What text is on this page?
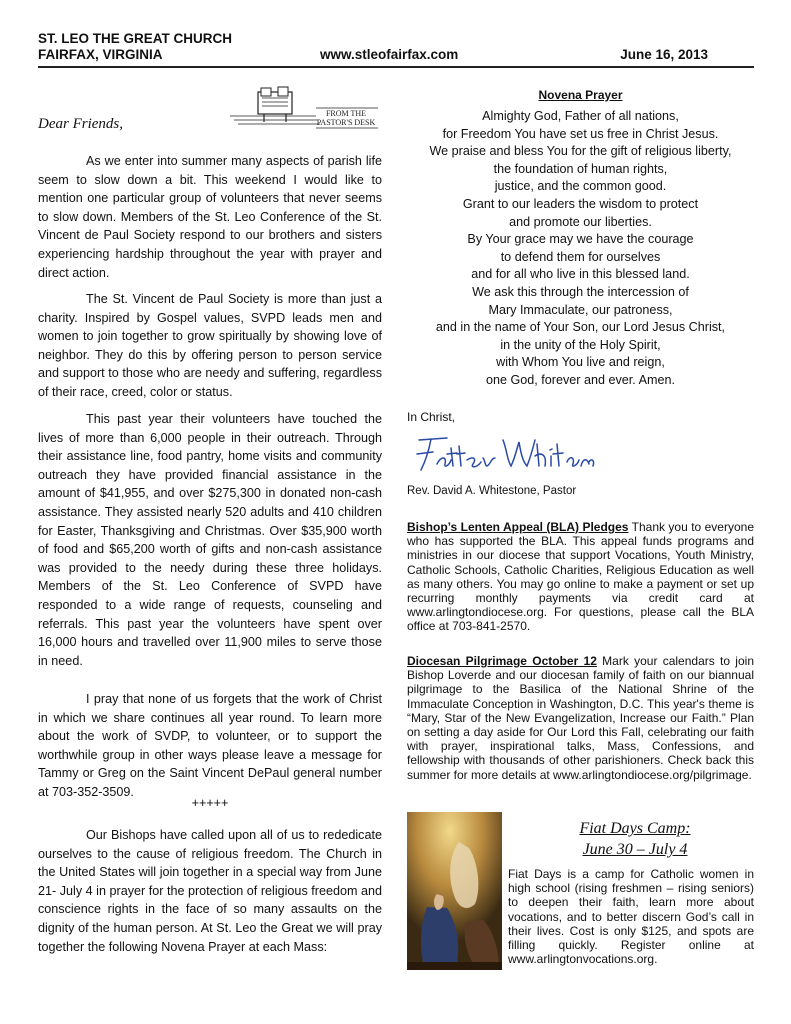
ST. LEO THE GREAT CHURCH
FAIRFAX, VIRGINIA	www.stleofairfax.com	June 16, 2013
Dear Friends,
FROM THE
PASTOR'S DESK
As we enter into summer many aspects of parish life seem to slow down a bit. This weekend I would like to mention one particular group of volunteers that never seems to slow down. Members of the St. Leo Conference of the St. Vincent de Paul Society respond to our brothers and sisters experiencing hardship throughout the year with prayer and direct action.
The St. Vincent de Paul Society is more than just a charity. Inspired by Gospel values, SVPD leads men and women to join together to grow spiritually by showing love of neighbor. They do this by offering person to person service and support to those who are needy and suffering, regardless of their race, creed, color or status.
This past year their volunteers have touched the lives of more than 6,000 people in their outreach. Through their assistance line, food pantry, home visits and community outreach they have provided financial assistance in the amount of $41,955, and over $275,300 in donated non-cash assistance. They assisted nearly 520 adults and 410 children for Easter, Thanksgiving and Christmas. Over $35,900 worth of food and $65,200 worth of gifts and non-cash assistance was provided to the needy during these three holidays. Members of the St. Leo Conference of SVPD have responded to a wide range of requests, counseling and referrals. This past year the volunteers have spent over 16,000 hours and travelled over 11,900 miles to serve those in need.
I pray that none of us forgets that the work of Christ in which we share continues all year round. To learn more about the work of SVDP, to volunteer, or to support the worthwhile group in other ways please leave a message for Tammy or Greg on the Saint Vincent DePaul general number at 703-352-3509.
+++++
Our Bishops have called upon all of us to rededicate ourselves to the cause of religious freedom. The Church in the United States will join together in a special way from June 21- July 4 in prayer for the protection of religious freedom and conscience rights in the face of so many assaults on the dignity of the human person. At St. Leo the Great we will pray together the following Novena Prayer at each Mass:
Novena Prayer
Almighty God, Father of all nations,
for Freedom You have set us free in Christ Jesus.
We praise and bless You for the gift of religious liberty,
the foundation of human rights,
justice, and the common good.
Grant to our leaders the wisdom to protect
and promote our liberties.
By Your grace may we have the courage
to defend them for ourselves
and for all who live in this blessed land.
We ask this through the intercession of
Mary Immaculate, our patroness,
and in the name of Your Son, our Lord Jesus Christ,
in the unity of the Holy Spirit,
with Whom You live and reign,
one God, forever and ever. Amen.
In Christ,
Rev. David A. Whitestone, Pastor
Bishop’s Lenten Appeal (BLA) Pledges Thank you to everyone who has supported the BLA. This appeal funds programs and ministries in our diocese that support Vocations, Youth Ministry, Catholic Schools, Catholic Charities, Religious Education as well as many others. You may go online to make a payment or set up recurring monthly payments via credit card at www.arlingtondiocese.org. For questions, please call the BLA office at 703-841-2570.
Diocesan Pilgrimage October 12 Mark your calendars to join Bishop Loverde and our diocesan family of faith on our biannual pilgrimage to the Basilica of the National Shrine of the Immaculate Conception in Washington, D.C. This year's theme is “Mary, Star of the New Evangelization, Increase our Faith.” Plan on setting a day aside for Our Lord this Fall, celebrating our faith with prayer, inspirational talks, Mass, Confessions, and fellowship with thousands of other parishioners. Check back this summer for more details at www.arlingtondiocese.org/pilgrimage.
Fiat Days Camp:
June 30 – July 4
Fiat Days is a camp for Catholic women in high school (rising freshmen – rising seniors) to deepen their faith, learn more about vocations, and to better discern God’s call in their lives. Cost is only $125, and spots are filling quickly. Register online at www.arlingtonvocations.org.
